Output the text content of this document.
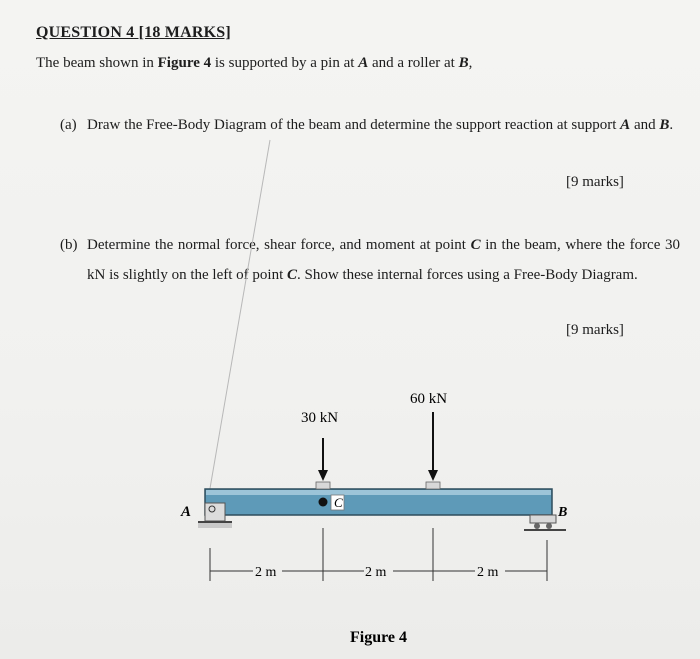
QUESTION 4 [18 MARKS]
The beam shown in Figure 4 is supported by a pin at A and a roller at B,
(a) Draw the Free-Body Diagram of the beam and determine the support reaction at support A and B.
[9 marks]
(b) Determine the normal force, shear force, and moment at point C in the beam, where the force 30 kN is slightly on the left of point C. Show these internal forces using a Free-Body Diagram.
[9 marks]
A	B
C
30 kN
60 kN
2 m	2 m	2 m
Figure 4
